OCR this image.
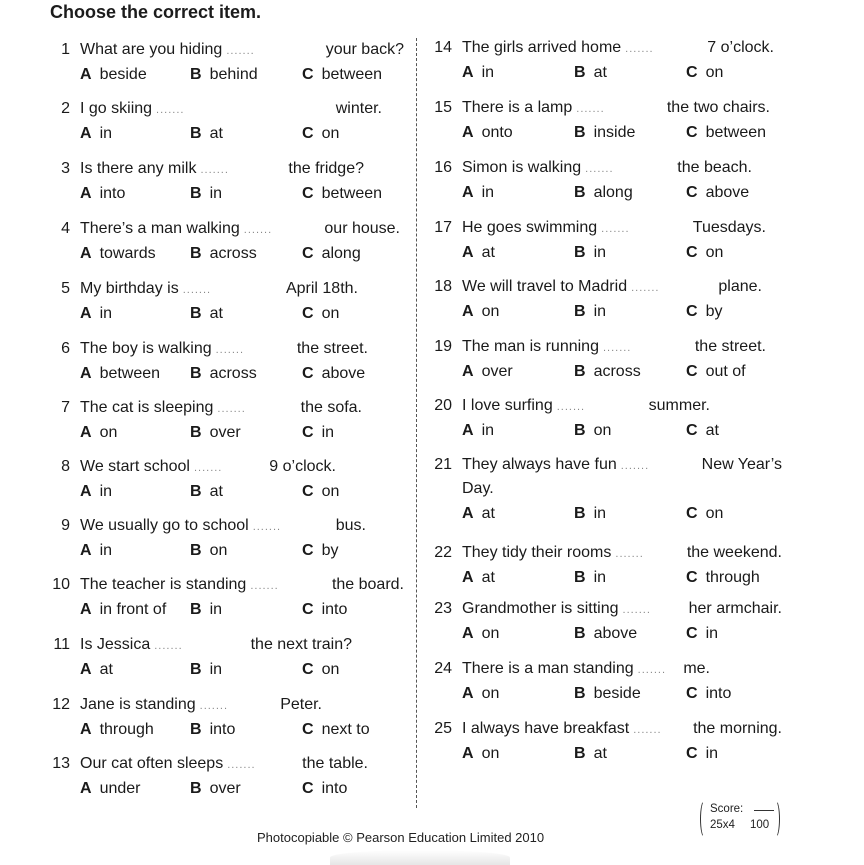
Choose the correct item.
1 What are you hiding .......	your back?
A beside	B behind	C between
2 I go skiing .......	winter.
A in	B at	C on
3 Is there any milk .......	the fridge?
A into	B in	C between
4 There’s a man walking .......	our house.
A towards B across	C along
5 My birthday is .......	April 18th.
A in	B at	C on
6 The boy is walking .......	the street.
A between B across	C above
7 The cat is sleeping .......	the sofa.
A on	B over	C in
8 We start school .......	9 o’clock.
A in	B at	C on
9 We usually go to school .......	bus.
A in	B on	C by
10 The teacher is standing .......	the board.
A in front of B in	C into
11 Is Jessica .......	the next train?
A at	B in	C on
12 Jane is standing .......	Peter.
A through B into	C next to
13 Our cat often sleeps .......	the table.
A under	B over	C into
14 The girls arrived home .......	7 o’clock.
A in	B at	C on
15 There is a lamp .......	the two chairs.
A onto	B inside	C between
16 Simon is walking .......	the beach.
A in	B along	C above
17 He goes swimming .......	Tuesdays.
A at	B in	C on
18 We will travel to Madrid .......	plane.
A on	B in	C by
19 The man is running .......	the street.
A over	B across	C out of
20 I love surfing .......	summer.
A in	B on	C at
21 They always have fun .......	New Year’s
Day.
A at	B in	C on
22 They tidy their rooms .......	the weekend.
A at	B in	C through
23 Grandmother is sitting ....... her armchair.
A on	B above	C in
24 There is a man standing ....... me.
A on	B beside	C into
25 I always have breakfast ....... the morning.
A on	B at	C in
Score:
25x4 100
Photocopiable © Pearson Education Limited 2010
